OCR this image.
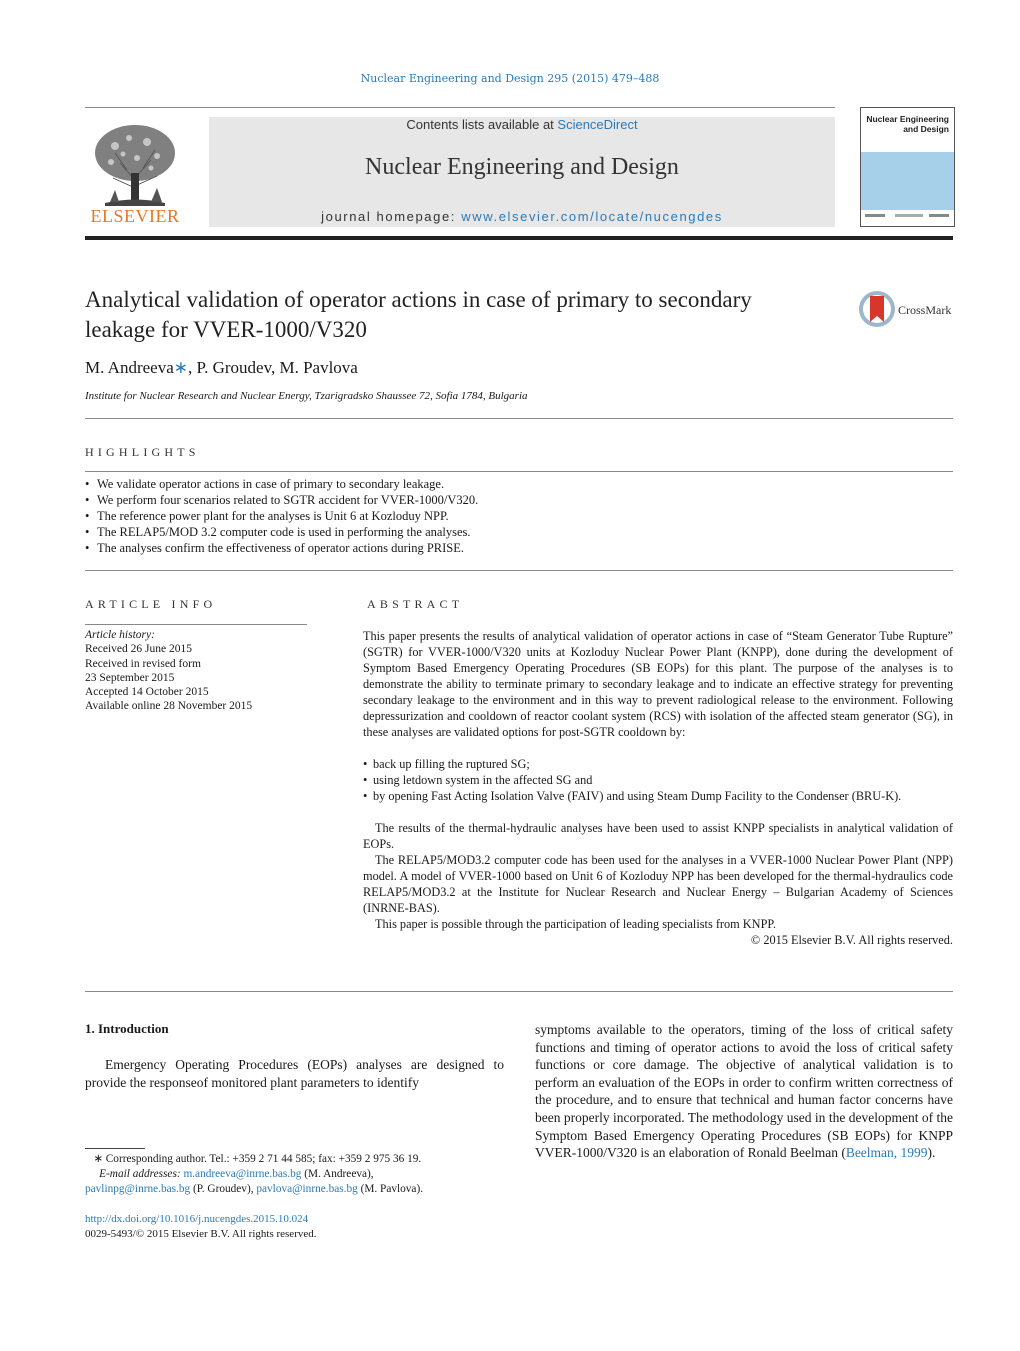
Nuclear Engineering and Design 295 (2015) 479–488
ELSEVIER
Contents lists available at ScienceDirect
Nuclear Engineering and Design
journal homepage: www.elsevier.com/locate/nucengdes
Nuclear Engineering and Design
Analytical validation of operator actions in case of primary to secondary leakage for VVER-1000/V320
CrossMark
M. Andreeva∗, P. Groudev, M. Pavlova
Institute for Nuclear Research and Nuclear Energy, Tzarigradsko Shaussee 72, Sofia 1784, Bulgaria
HIGHLIGHTS
• We validate operator actions in case of primary to secondary leakage.
• We perform four scenarios related to SGTR accident for VVER-1000/V320.
• The reference power plant for the analyses is Unit 6 at Kozloduy NPP.
• The RELAP5/MOD 3.2 computer code is used in performing the analyses.
• The analyses confirm the effectiveness of operator actions during PRISE.
ARTICLE INFO
Article history:
Received 26 June 2015
Received in revised form
23 September 2015
Accepted 14 October 2015
Available online 28 November 2015
ABSTRACT

This paper presents the results of analytical validation of operator actions in case of “Steam Generator Tube Rupture” (SGTR) for VVER-1000/V320 units at Kozloduy Nuclear Power Plant (KNPP), done during the development of Symptom Based Emergency Operating Procedures (SB EOPs) for this plant. The purpose of the analyses is to demonstrate the ability to terminate primary to secondary leakage and to indicate an effective strategy for preventing secondary leakage to the environment and in this way to prevent radiological release to the environment. Following depressurization and cooldown of reactor coolant system (RCS) with isolation of the affected steam generator (SG), in these analyses are validated options for post-SGTR cooldown by:

• back up filling the ruptured SG;
• using letdown system in the affected SG and
• by opening Fast Acting Isolation Valve (FAIV) and using Steam Dump Facility to the Condenser (BRU-K).

The results of the thermal-hydraulic analyses have been used to assist KNPP specialists in analytical validation of EOPs.

The RELAP5/MOD3.2 computer code has been used for the analyses in a VVER-1000 Nuclear Power Plant (NPP) model. A model of VVER-1000 based on Unit 6 of Kozloduy NPP has been developed for the thermal-hydraulics code RELAP5/MOD3.2 at the Institute for Nuclear Research and Nuclear Energy – Bulgarian Academy of Sciences (INRNE-BAS).

This paper is possible through the participation of leading specialists from KNPP.

© 2015 Elsevier B.V. All rights reserved.

1. Introduction
Emergency Operating Procedures (EOPs) analyses are designed to provide the responseof monitored plant parameters to identify
symptoms available to the operators, timing of the loss of critical safety functions and timing of operator actions to avoid the loss of critical safety functions or core damage. The objective of analytical validation is to perform an evaluation of the EOPs in order to confirm written correctness of the procedure, and to ensure that technical and human factor concerns have been properly incorporated. The methodology used in the development of the Symptom Based Emergency Operating Procedures (SB EOPs) for KNPP VVER-1000/V320 is an elaboration of Ronald Beelman (Beelman, 1999).
∗ Corresponding author. Tel.: +359 2 71 44 585; fax: +359 2 975 36 19.
E-mail addresses: m.andreeva@inrne.bas.bg (M. Andreeva),
pavlinpg@inrne.bas.bg (P. Groudev), pavlova@inrne.bas.bg (M. Pavlova).
http://dx.doi.org/10.1016/j.nucengdes.2015.10.024
0029-5493/© 2015 Elsevier B.V. All rights reserved.
